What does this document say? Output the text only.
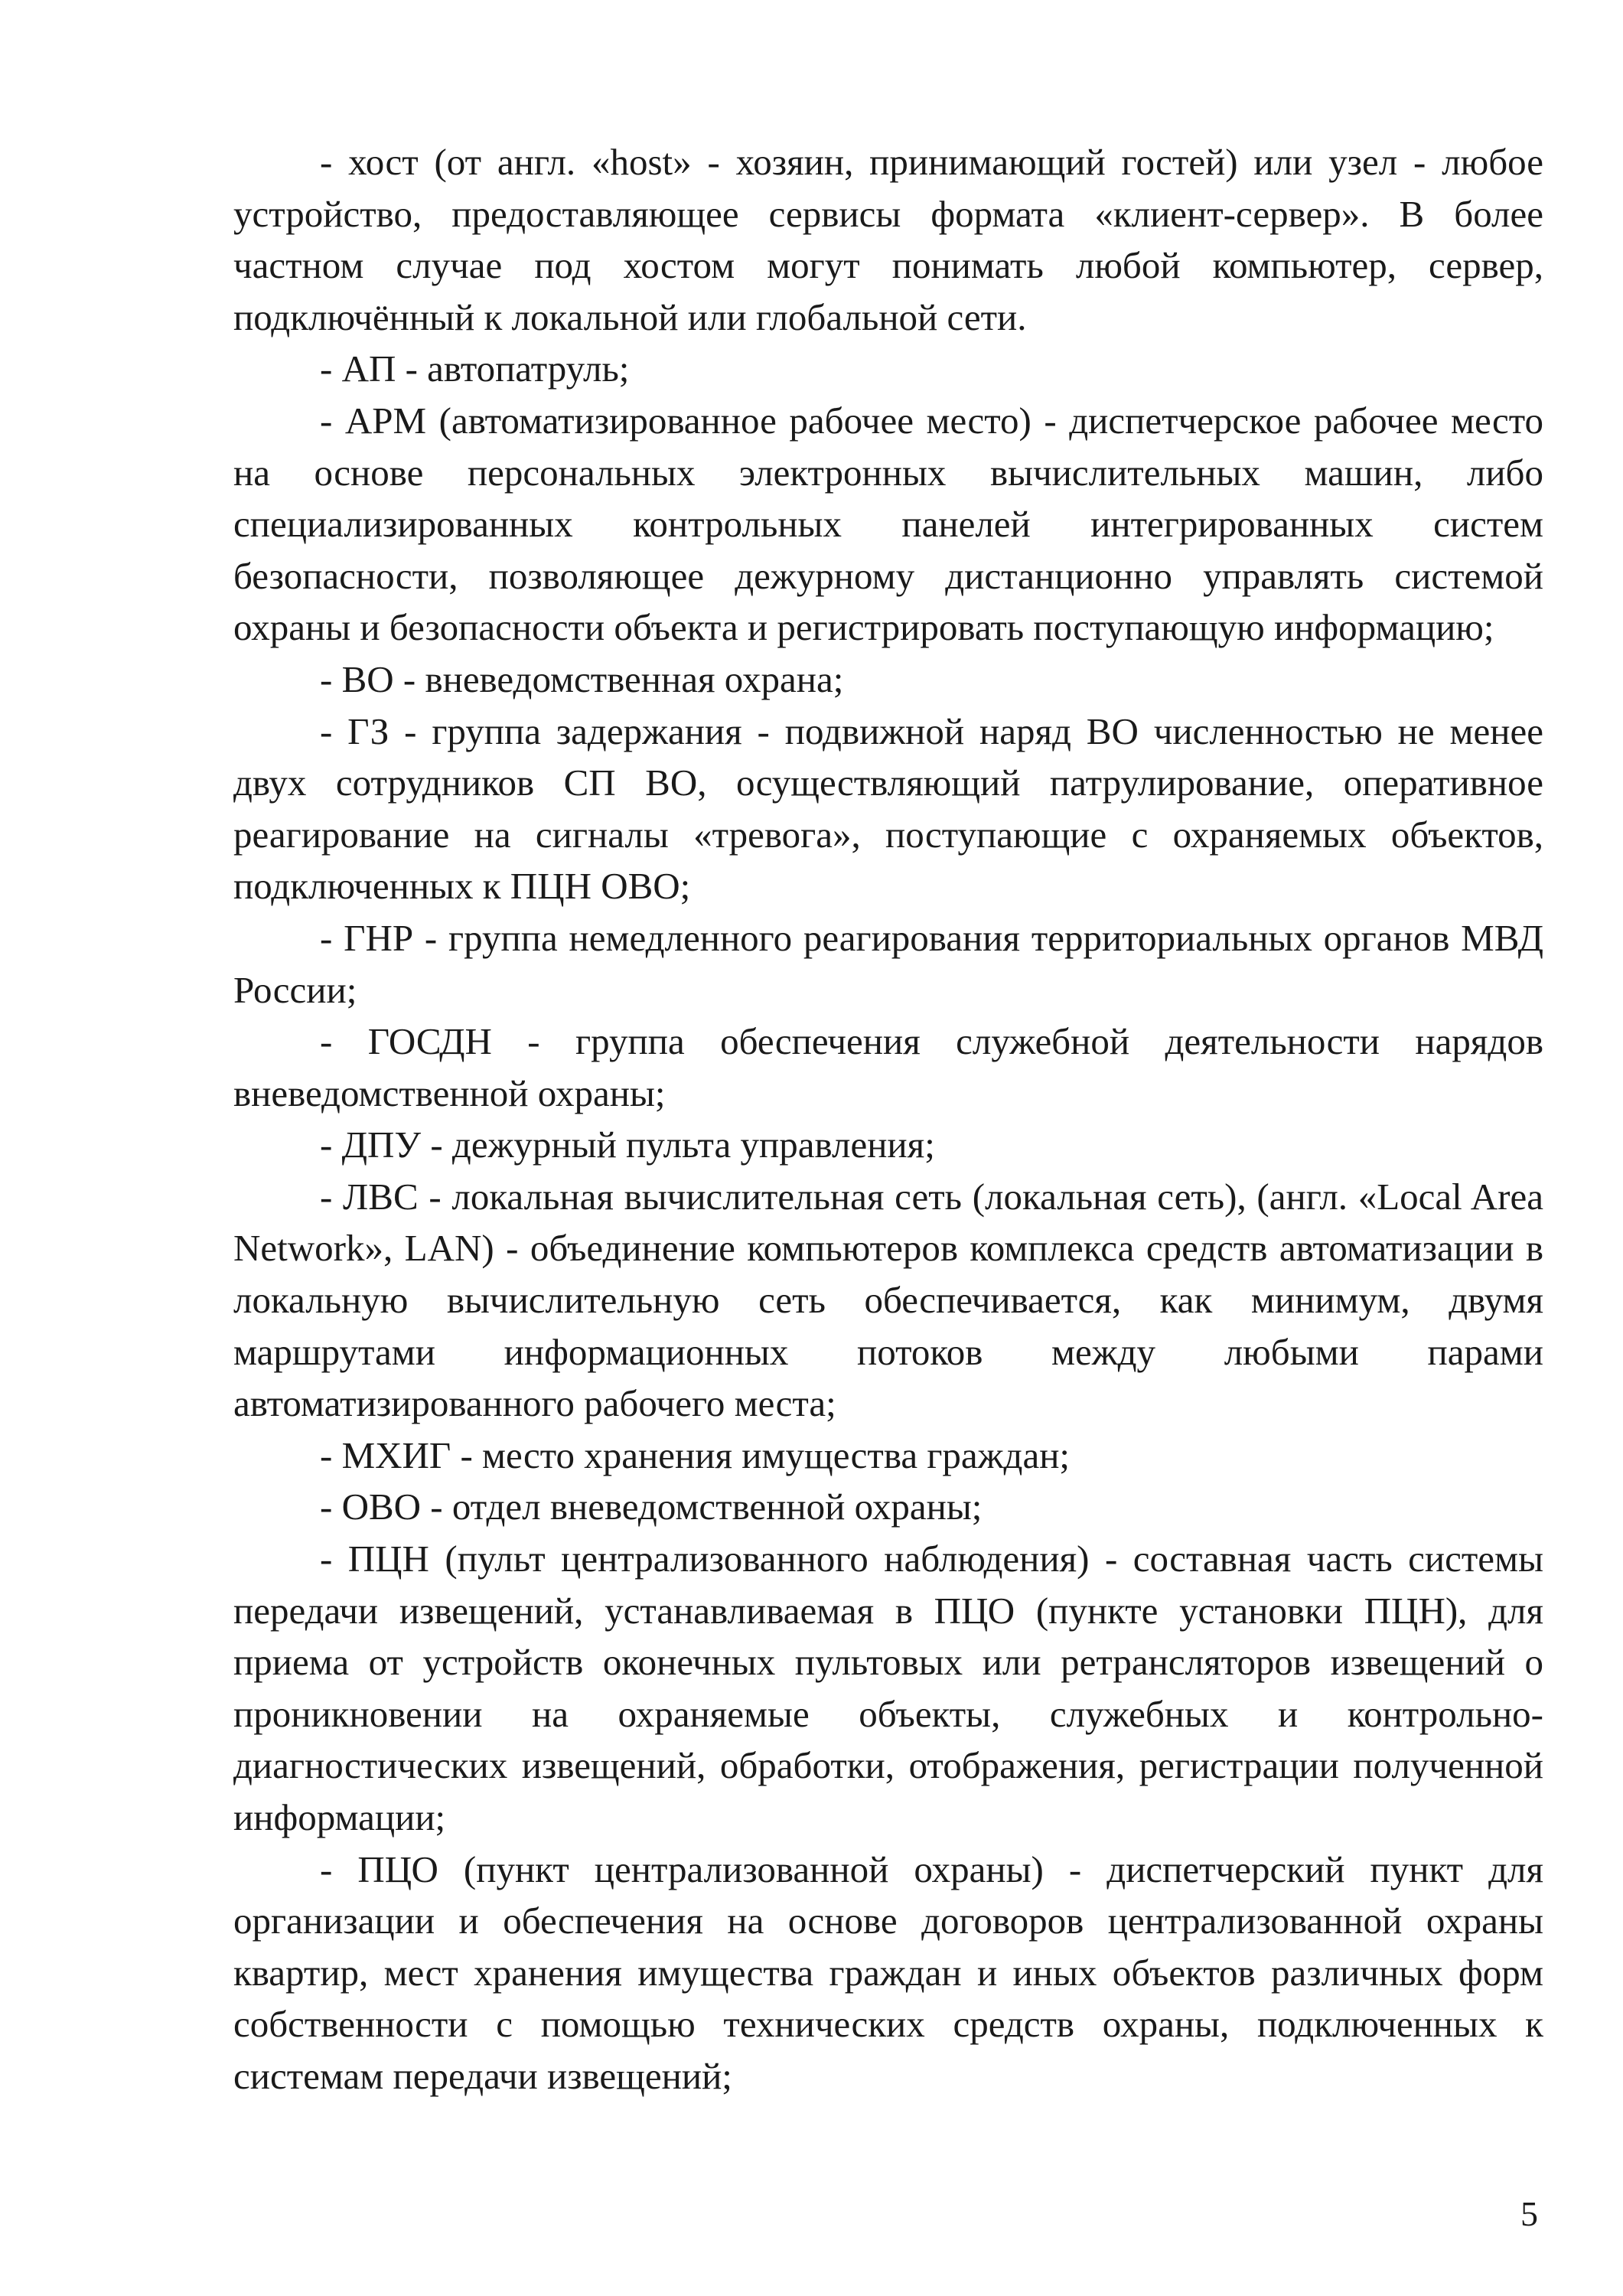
- хост (от англ. «host» - хозяин, принимающий гостей) или узел - любое устройство, предоставляющее сервисы формата «клиент-сервер». В более частном случае под хостом могут понимать любой компьютер, сервер, подключённый к локальной или глобальной сети.

- АП - автопатруль;

- АРМ (автоматизированное рабочее место) - диспетчерское рабочее место на основе персональных электронных вычислительных машин, либо специализированных контрольных панелей интегрированных систем безопасности, позволяющее дежурному дистанционно управлять системой охраны и безопасности объекта и регистрировать поступающую информацию;

- ВО - вневедомственная охрана;

- ГЗ - группа задержания - подвижной наряд ВО численностью не менее двух сотрудников СП ВО, осуществляющий патрулирование, оперативное реагирование на сигналы «тревога», поступающие с охраняемых объектов, подключенных к ПЦН ОВО;

- ГНР - группа немедленного реагирования территориальных органов МВД России;

- ГОСДН - группа обеспечения служебной деятельности нарядов вневедомственной охраны;

- ДПУ - дежурный пульта управления;

- ЛВС - локальная вычислительная сеть (локальная сеть), (англ. «Local Area Network», LAN) - объединение компьютеров комплекса средств автоматизации в локальную вычислительную сеть обеспечивается, как минимум, двумя маршрутами информационных потоков между любыми парами автоматизированного рабочего места;

- МХИГ - место хранения имущества граждан;

- ОВО - отдел вневедомственной охраны;

- ПЦН (пульт централизованного наблюдения) - составная часть системы передачи извещений, устанавливаемая в ПЦО (пункте установки ПЦН), для приема от устройств оконечных пультовых или ретрансляторов извещений о проникновении на охраняемые объекты, служебных и контрольно-диагностических извещений, обработки, отображения, регистрации полученной информации;

- ПЦО (пункт централизованной охраны) - диспетчерский пункт для организации и обеспечения на основе договоров централизованной охраны квартир, мест хранения имущества граждан и иных объектов различных форм собственности с помощью технических средств охраны, подключенных к системам передачи извещений;

5
